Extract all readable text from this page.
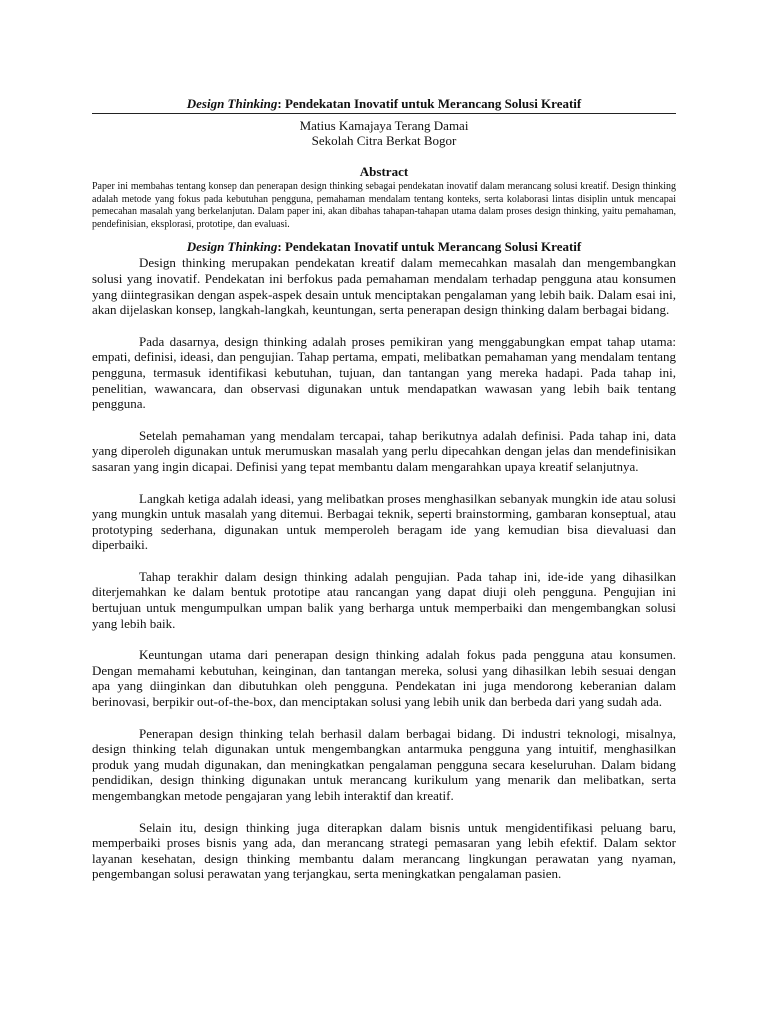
Design Thinking: Pendekatan Inovatif untuk Merancang Solusi Kreatif

Matius Kamajaya Terang Damai

Sekolah Citra Berkat Bogor

Abstract

Paper ini membahas tentang konsep dan penerapan design thinking sebagai pendekatan inovatif dalam merancang solusi kreatif. Design thinking adalah metode yang fokus pada kebutuhan pengguna, pemahaman mendalam tentang konteks, serta kolaborasi lintas disiplin untuk mencapai pemecahan masalah yang berkelanjutan. Dalam paper ini, akan dibahas tahapan-tahapan utama dalam proses design thinking, yaitu pemahaman, pendefinisian, eksplorasi, prototipe, dan evaluasi.

Design Thinking: Pendekatan Inovatif untuk Merancang Solusi Kreatif

Design thinking merupakan pendekatan kreatif dalam memecahkan masalah dan mengembangkan solusi yang inovatif. Pendekatan ini berfokus pada pemahaman mendalam terhadap pengguna atau konsumen yang diintegrasikan dengan aspek-aspek desain untuk menciptakan pengalaman yang lebih baik. Dalam esai ini, akan dijelaskan konsep, langkah-langkah, keuntungan, serta penerapan design thinking dalam berbagai bidang.

Pada dasarnya, design thinking adalah proses pemikiran yang menggabungkan empat tahap utama: empati, definisi, ideasi, dan pengujian. Tahap pertama, empati, melibatkan pemahaman yang mendalam tentang pengguna, termasuk identifikasi kebutuhan, tujuan, dan tantangan yang mereka hadapi. Pada tahap ini, penelitian, wawancara, dan observasi digunakan untuk mendapatkan wawasan yang lebih baik tentang pengguna.

Setelah pemahaman yang mendalam tercapai, tahap berikutnya adalah definisi. Pada tahap ini, data yang diperoleh digunakan untuk merumuskan masalah yang perlu dipecahkan dengan jelas dan mendefinisikan sasaran yang ingin dicapai. Definisi yang tepat membantu dalam mengarahkan upaya kreatif selanjutnya.

Langkah ketiga adalah ideasi, yang melibatkan proses menghasilkan sebanyak mungkin ide atau solusi yang mungkin untuk masalah yang ditemui. Berbagai teknik, seperti brainstorming, gambaran konseptual, atau prototyping sederhana, digunakan untuk memperoleh beragam ide yang kemudian bisa dievaluasi dan diperbaiki.

Tahap terakhir dalam design thinking adalah pengujian. Pada tahap ini, ide-ide yang dihasilkan diterjemahkan ke dalam bentuk prototipe atau rancangan yang dapat diuji oleh pengguna. Pengujian ini bertujuan untuk mengumpulkan umpan balik yang berharga untuk memperbaiki dan mengembangkan solusi yang lebih baik.

Keuntungan utama dari penerapan design thinking adalah fokus pada pengguna atau konsumen. Dengan memahami kebutuhan, keinginan, dan tantangan mereka, solusi yang dihasilkan lebih sesuai dengan apa yang diinginkan dan dibutuhkan oleh pengguna. Pendekatan ini juga mendorong keberanian dalam berinovasi, berpikir out-of-the-box, dan menciptakan solusi yang lebih unik dan berbeda dari yang sudah ada.

Penerapan design thinking telah berhasil dalam berbagai bidang. Di industri teknologi, misalnya, design thinking telah digunakan untuk mengembangkan antarmuka pengguna yang intuitif, menghasilkan produk yang mudah digunakan, dan meningkatkan pengalaman pengguna secara keseluruhan. Dalam bidang pendidikan, design thinking digunakan untuk merancang kurikulum yang menarik dan melibatkan, serta mengembangkan metode pengajaran yang lebih interaktif dan kreatif.

Selain itu, design thinking juga diterapkan dalam bisnis untuk mengidentifikasi peluang baru, memperbaiki proses bisnis yang ada, dan merancang strategi pemasaran yang lebih efektif. Dalam sektor layanan kesehatan, design thinking membantu dalam merancang lingkungan perawatan yang nyaman, pengembangan solusi perawatan yang terjangkau, serta meningkatkan pengalaman pasien.
